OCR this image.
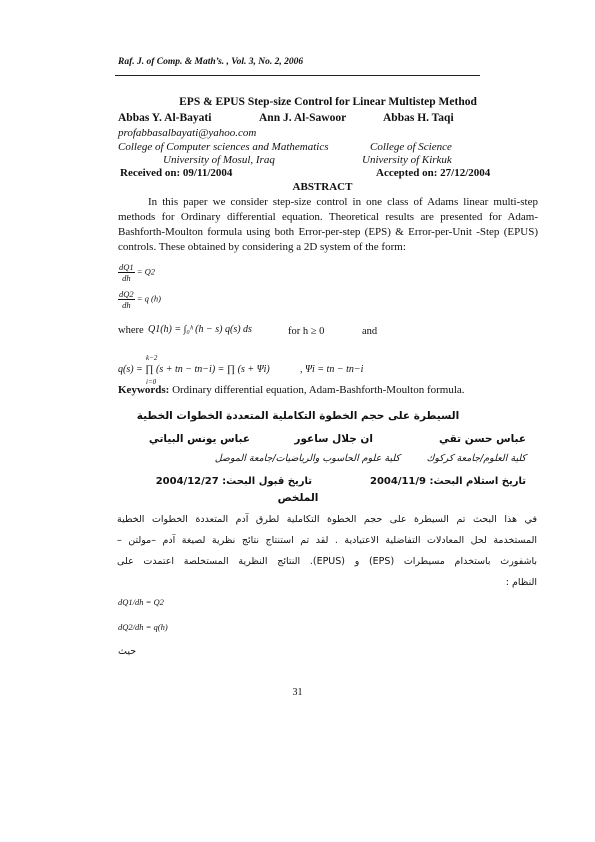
Raf. J. of Comp. & Math’s. , Vol. 3, No. 2, 2006
EPS & EPUS Step-size Control for Linear Multistep Method
Abbas Y. Al-Bayati	Ann J. Al-Sawoor	Abbas H. Taqi
profabbasalbayati@yahoo.com
College of Computer sciences and Mathematics	College of Science
University of Mosul, Iraq	University of Kirkuk
Received on: 09/11/2004	Accepted on: 27/12/2004
ABSTRACT
In this paper we consider step-size control in one class of Adams linear multi-step methods for Ordinary differential equation. Theoretical results are presented for Adam-Bashforth-Moulton formula using both Error-per-step (EPS) & Error-per-Unit -Step (EPUS) controls. These obtained by considering a 2D system of the form:
$\frac{dQ1}{dh} = Q2$
$\frac{dQ2}{dh} = q$ (h)
where Q1(h) = ∫₀ʰ (h − s) q(s) ds	for h ≥ 0	and
k−2
q(s) = ∏ (s + tn − tn−i) = ∏ (s + Ψi)
i=0
, Ψi = tn − tn−i
Keywords: Ordinary differential equation, Adam-Bashforth-Moulton formula.
السيطرة على حجم الخطوة التكاملية المتعددة الخطوات الخطية
عباس حسن تقي
ان جلال ساعور
عباس يونس البياتي
كلية العلوم/جامعة كركوك
كلية علوم الحاسوب والرياضيات/جامعة الموصل
تاريخ استلام البحث: 2004/11/9
تاريخ قبول البحث: 2004/12/27
الملخص
في هذا البحث تم السيطرة على حجم الخطوة التكاملية لطرق آدم المتعددة الخطوات الخطية
المستخدمة لحل المعادلات التفاضلية الاعتيادية . لقد تم استنتاج نتائج نظرية لصيغة آدم –مولتن –
باشفورث باستخدام مسيطرات (EPS) و (EPUS). النتائج النظرية المستخلصة اعتمدت على
النظام :
dQ1/dh = Q2
dQ2/dh = q(h)
حيث
31
